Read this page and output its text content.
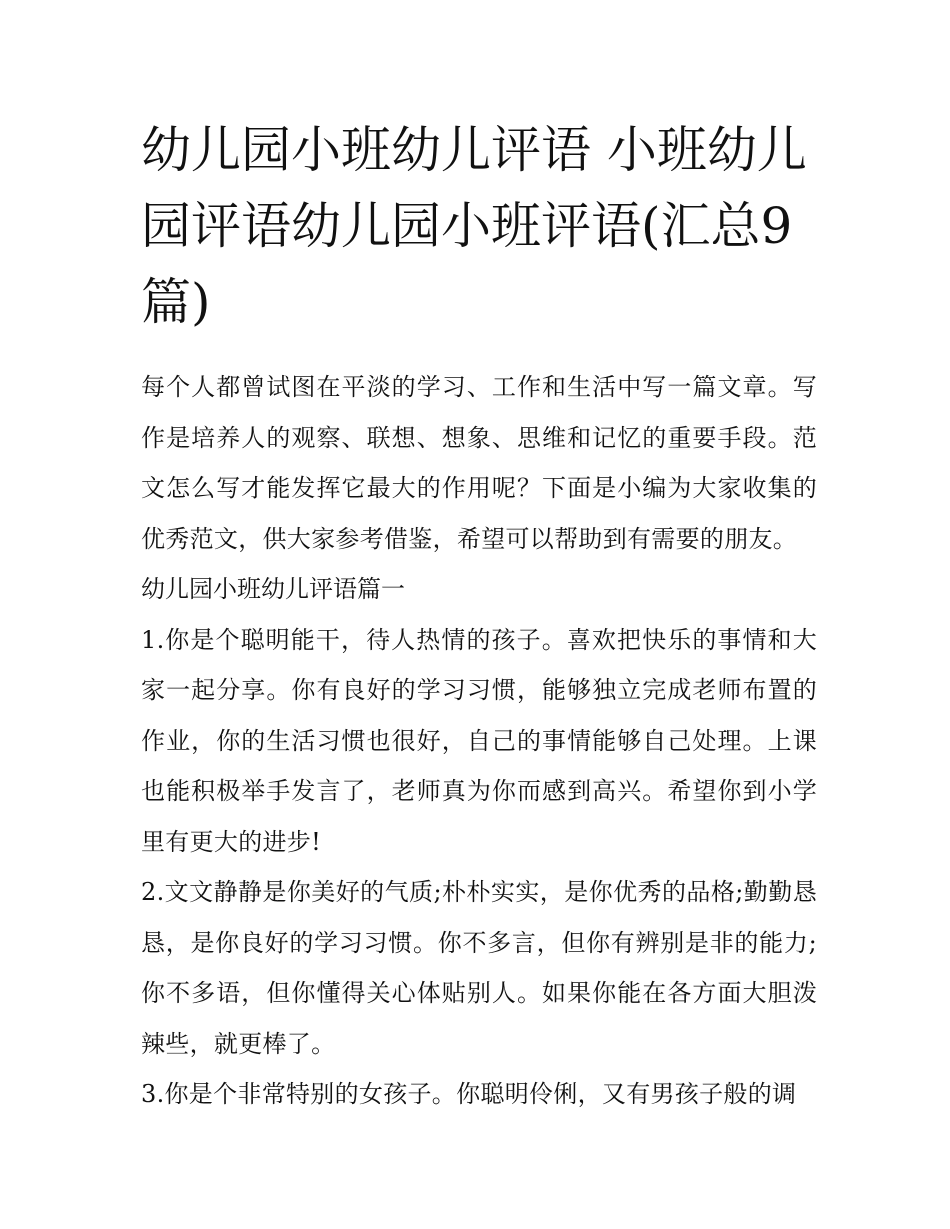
幼儿园小班幼儿评语 小班幼儿园评语幼儿园小班评语(汇总9篇)

每个人都曾试图在平淡的学习、工作和生活中写一篇文章。写作是培养人的观察、联想、想象、思维和记忆的重要手段。范文怎么写才能发挥它最大的作用呢？下面是小编为大家收集的优秀范文，供大家参考借鉴，希望可以帮助到有需要的朋友。

幼儿园小班幼儿评语篇一

1.你是个聪明能干，待人热情的孩子。喜欢把快乐的事情和大家一起分享。你有良好的学习习惯，能够独立完成老师布置的作业，你的生活习惯也很好，自己的事情能够自己处理。上课也能积极举手发言了，老师真为你而感到高兴。希望你到小学里有更大的进步!

2.文文静静是你美好的气质;朴朴实实，是你优秀的品格;勤勤恳恳，是你良好的学习习惯。你不多言，但你有辨别是非的能力;你不多语，但你懂得关心体贴别人。如果你能在各方面大胆泼辣些，就更棒了。

3.你是个非常特别的女孩子。你聪明伶俐，又有男孩子般的调
